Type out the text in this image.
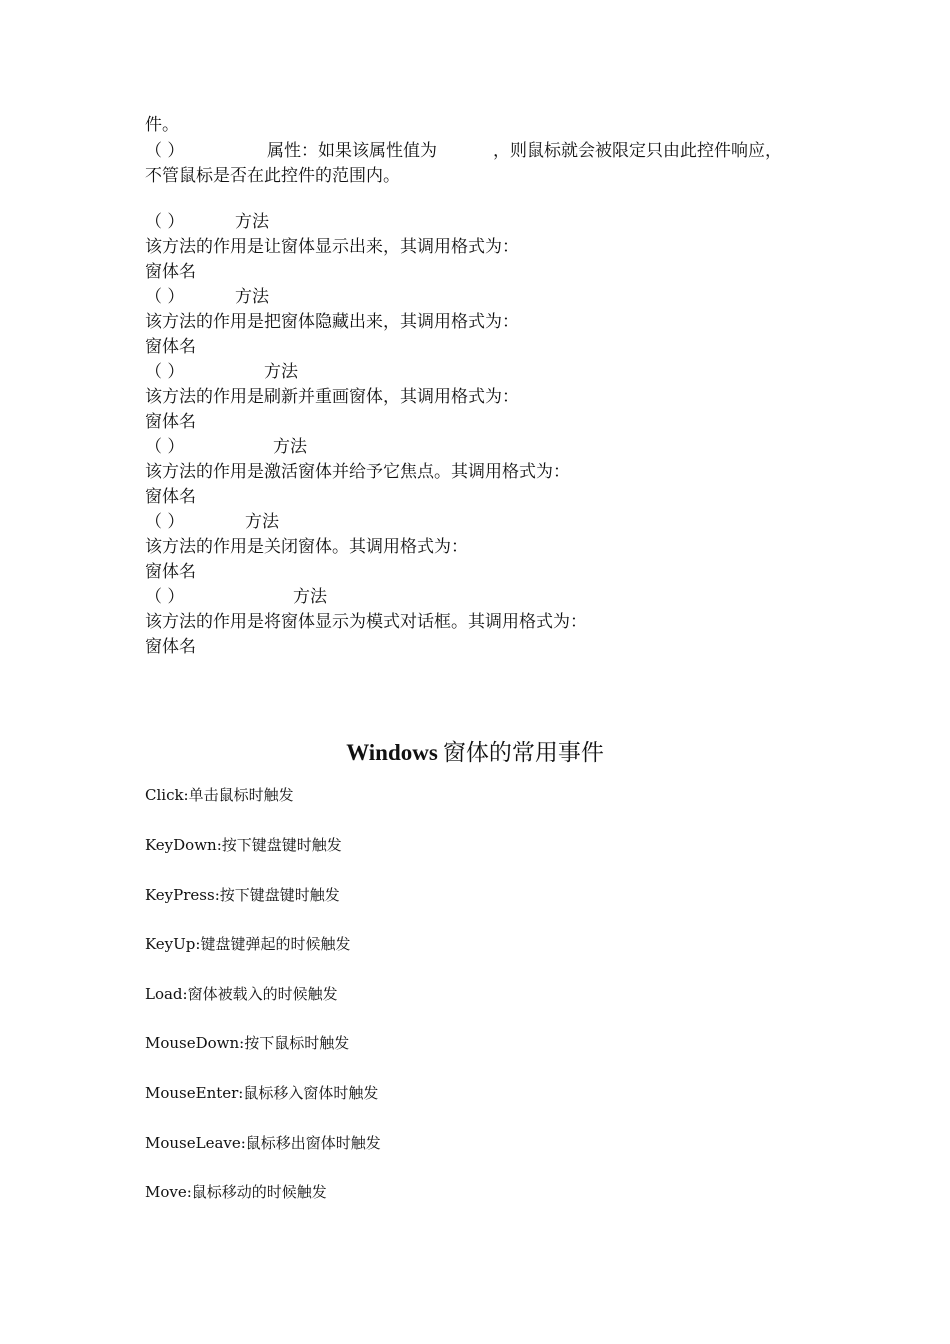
件。
（ ）	属性：如果该属性值为	，则鼠标就会被限定只由此控件响应，
不管鼠标是否在此控件的范围内。
（ ）	方法
该方法的作用是让窗体显示出来，其调用格式为：
窗体名
（ ）	方法
该方法的作用是把窗体隐藏出来，其调用格式为：
窗体名
（ ）	方法
该方法的作用是刷新并重画窗体，其调用格式为：
窗体名
（ ）	方法
该方法的作用是激活窗体并给予它焦点。其调用格式为：
窗体名
（ ）	方法
该方法的作用是关闭窗体。其调用格式为：
窗体名
（ ）	方法
该方法的作用是将窗体显示为模式对话框。其调用格式为：
窗体名
Windows 窗体的常用事件
Click:单击鼠标时触发
KeyDown:按下键盘键时触发
KeyPress:按下键盘键时触发
KeyUp:键盘键弹起的时候触发
Load:窗体被载入的时候触发
MouseDown:按下鼠标时触发
MouseEnter:鼠标移入窗体时触发
MouseLeave:鼠标移出窗体时触发
Move:鼠标移动的时候触发
